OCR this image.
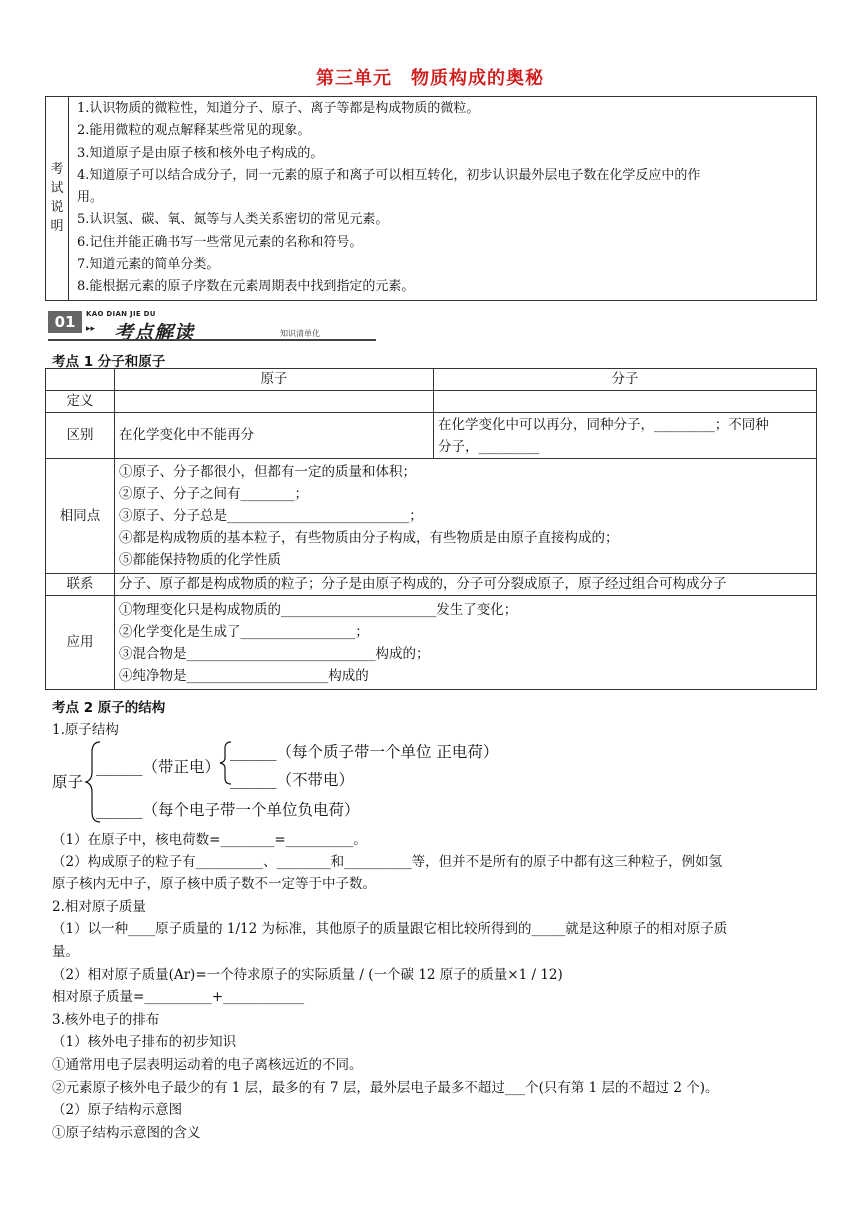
第三单元　物质构成的奥秘
考试说明

1.认识物质的微粒性，知道分子、原子、离子等都是构成物质的微粒。
2.能用微粒的观点解释某些常见的现象。
3.知道原子是由原子核和核外电子构成的。
4.知道原子可以结合成分子，同一元素的原子和离子可以相互转化，初步认识最外层电子数在化学反应中的作
用。
5.认识氢、碳、氧、氮等与人类关系密切的常见元素。
6.记住并能正确书写一些常见元素的名称和符号。
7.知道元素的简单分类。
8.能根据元素的原子序数在元素周期表中找到指定的元素。
01	KAO DIAN JIE DU
▸▸ 考点解读	知识清单化
考点 1 分子和原子
	原子	分子
定义		
区别	在化学变化中不能再分	在化学变化中可以再分，同种分子，_________；不同种
分子，_________

相同点	①原子、分子都很小，但都有一定的质量和体积；
②原子、分子之间有________；
③原子、分子总是___________________________；
④都是构成物质的基本粒子，有些物质由分子构成，有些物质是由原子直接构成的；
⑤都能保持物质的化学性质	

联系	分子、原子都是构成物质的粒子；分子是由原子构成的，分子可分裂成原子，原子经过组合可构成分子	
应用	①物理变化只是构成物质的_______________________发生了变化；
②化学变化是生成了_________________；
③混合物是____________________________构成的；
④纯净物是_____________________构成的	
考点 2 原子的结构
1.原子结构
原子
______（带正电）
______（每个质子带一个单位 正电荷）
______（不带电）
______（每个电子带一个单位负电荷）
（1）在原子中，核电荷数=________=__________。
（2）构成原子的粒子有__________、________和__________等，但并不是所有的原子中都有这三种粒子，例如氢
原子核内无中子，原子核中质子数不一定等于中子数。
2.相对原子质量
（1）以一种____原子质量的 1/12 为标准，其他原子的质量跟它相比较所得到的_____就是这种原子的相对原子质
量。
（2）相对原子质量(Ar)=一个待求原子的实际质量 / (一个碳 12 原子的质量×1 / 12)
相对原子质量=__________+____________
3.核外电子的排布
（1）核外电子排布的初步知识
①通常用电子层表明运动着的电子离核远近的不同。
②元素原子核外电子最少的有 1 层，最多的有 7 层，最外层电子最多不超过___个(只有第 1 层的不超过 2 个)。
（2）原子结构示意图
①原子结构示意图的含义
